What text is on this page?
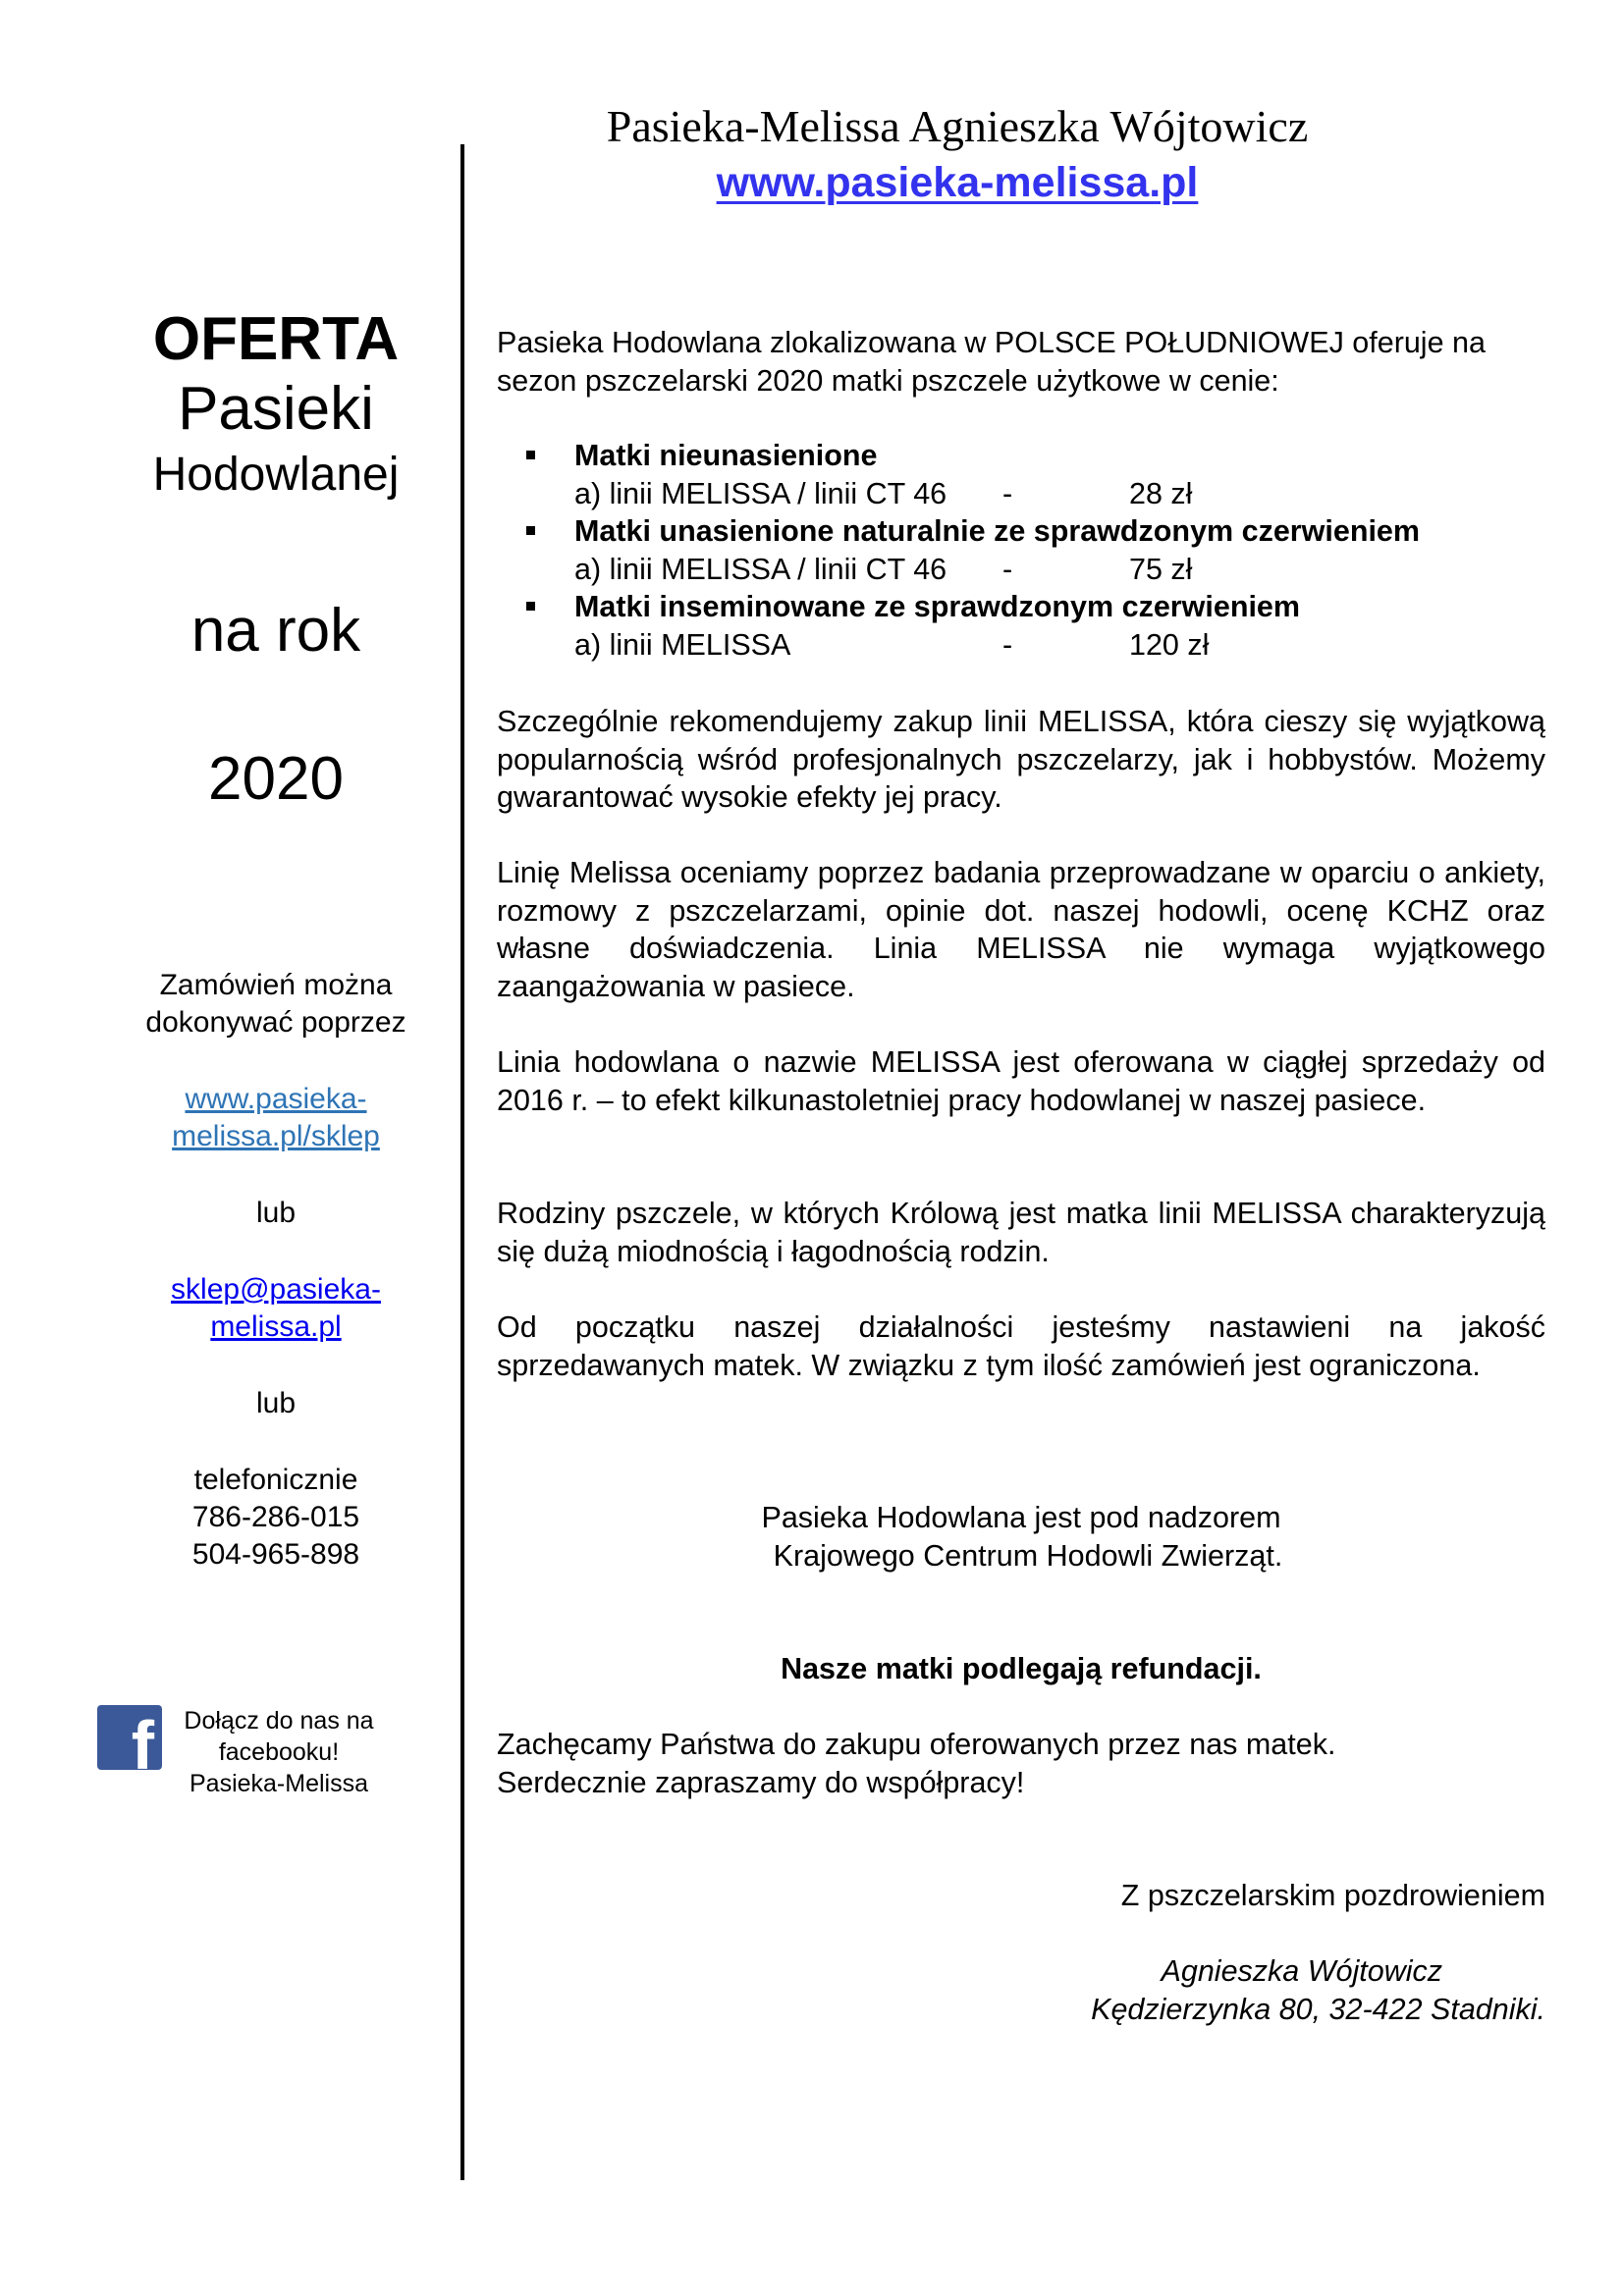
Pasieka-Melissa Agnieszka Wójtowicz
www.pasieka-melissa.pl
OFERTA
Pasieki
Hodowlanej
na rok
2020
Zamówień można
dokonywać poprzez
www.pasieka-
melissa.pl/sklep
lub
sklep@pasieka-
melissa.pl
lub
telefonicznie
786-286-015
504-965-898
f	Dołącz do nas na
facebooku!
Pasieka-Melissa

Pasieka Hodowlana zlokalizowana w POLSCE POŁUDNIOWEJ oferuje na sezon pszczelarski 2020 matki pszczele użytkowe w cenie:

Matki nieunasienione
a) linii MELISSA / linii CT 46 -	28 zł
Matki unasienione naturalnie ze sprawdzonym czerwieniem
a) linii MELISSA / linii CT 46 -	75 zł
Matki inseminowane ze sprawdzonym czerwieniem
a) linii MELISSA	-	120 zł

Szczególnie rekomendujemy zakup linii MELISSA, która cieszy się wyjątkową popularnością wśród profesjonalnych pszczelarzy, jak i hobbystów. Możemy gwarantować wysokie efekty jej pracy.

Linię Melissa oceniamy poprzez badania przeprowadzane w oparciu o ankiety, rozmowy z pszczelarzami, opinie dot. naszej hodowli, ocenę KCHZ oraz własne doświadczenia. Linia MELISSA nie wymaga wyjątkowego zaangażowania w pasiece.

Linia hodowlana o nazwie MELISSA jest oferowana w ciągłej sprzedaży od 2016 r. – to efekt kilkunastoletniej pracy hodowlanej w naszej pasiece.

Rodziny pszczele, w których Królową jest matka linii MELISSA charakteryzują się dużą miodnością i łagodnością rodzin.

Od początku naszej działalności jesteśmy nastawieni na jakość sprzedawanych matek. W związku z tym ilość zamówień jest ograniczona.

Pasieka Hodowlana jest pod nadzorem
Krajowego Centrum Hodowli Zwierząt.
Nasze matki podlegają refundacji.
Zachęcamy Państwa do zakupu oferowanych przez nas matek.
Serdecznie zapraszamy do współpracy!
Z pszczelarskim pozdrowieniem
Agnieszka Wójtowicz
Kędzierzynka 80, 32-422 Stadniki.
